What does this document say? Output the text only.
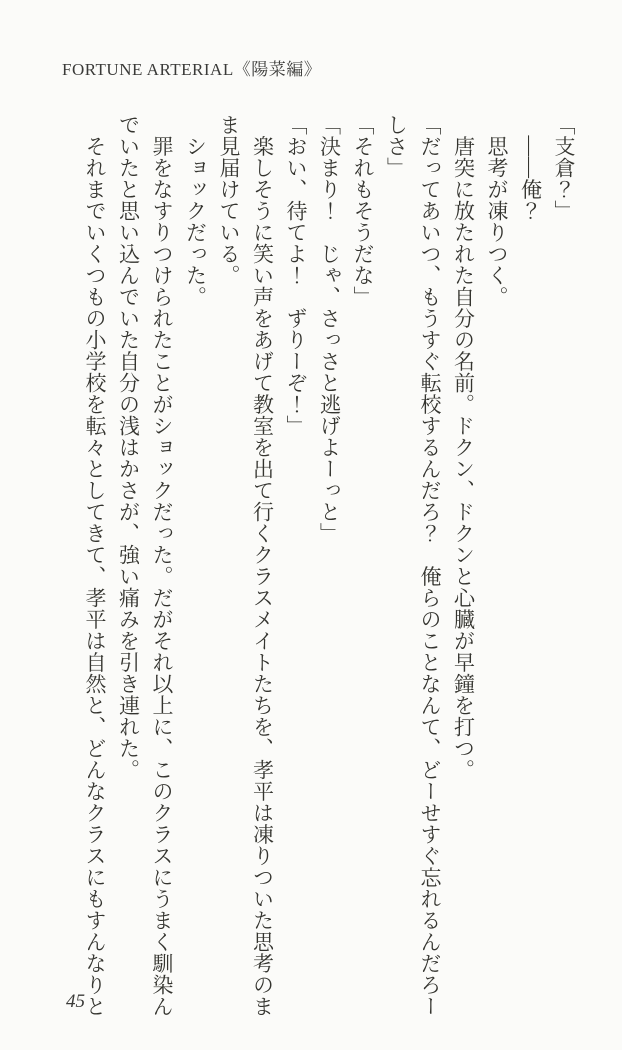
FORTUNE ARTERIAL《陽菜編》

「支倉？」

　――俺？

　思考が凍りつく。

　唐突に放たれた自分の名前。ドクン、ドクンと心臓が早鐘を打つ。

「だってあいつ、もうすぐ転校するんだろ？　俺らのことなんて、どーせすぐ忘れるんだろー

しさ」

「それもそうだな」

「決まり！　じゃ、さっさと逃げよーっと」

「おい、待てよ！　ずりーぞ！」

　楽しそうに笑い声をあげて教室を出て行くクラスメイトたちを、孝平は凍りついた思考のま

ま見届けている。

　ショックだった。

　罪をなすりつけられたことがショックだった。だがそれ以上に、このクラスにうまく馴染ん

でいたと思い込んでいた自分の浅はかさが、強い痛みを引き連れた。

　それまでいくつもの小学校を転々としてきて、孝平は自然と、どんなクラスにもすんなりと

45
